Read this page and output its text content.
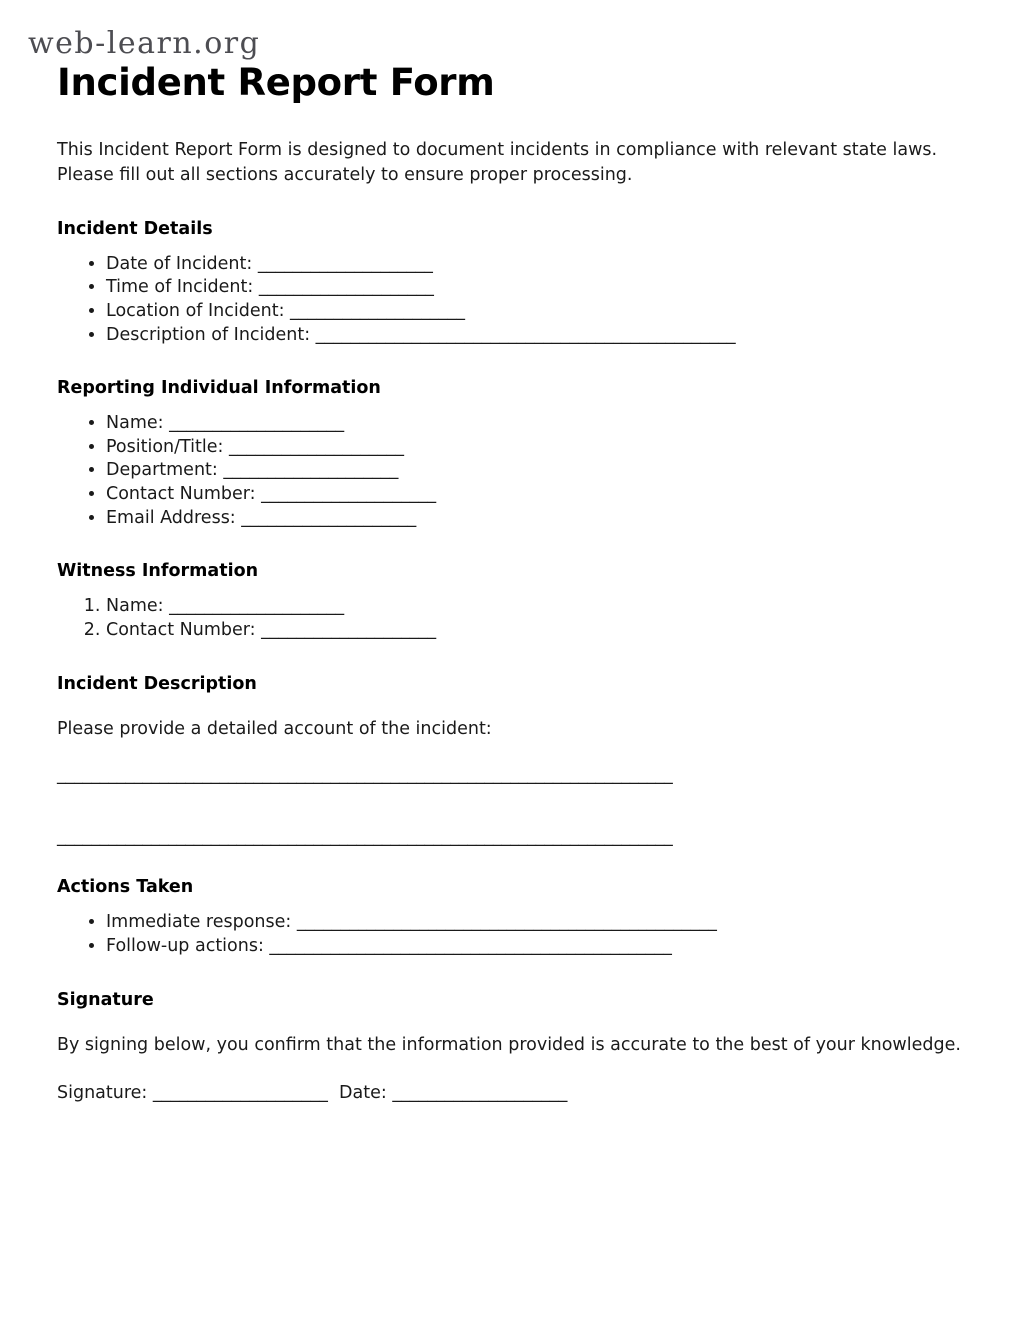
web-learn.org
Incident Report Form

This Incident Report Form is designed to document incidents in compliance with relevant state laws. Please fill out all sections accurately to ensure proper processing.

Incident Details
• Date of Incident: ____________________
• Time of Incident: ____________________
• Location of Incident: ____________________
• Description of Incident: ________________________________________________
Reporting Individual Information
• Name: ____________________
• Position/Title: ____________________
• Department: ____________________
• Contact Number: ____________________
• Email Address: ____________________
Witness Information
1. Name: ____________________
2. Contact Number: ____________________
Incident Description

Please provide a detailed account of the incident:

________________________________________________________________________
________________________________________________________________________
Actions Taken
• Immediate response: ________________________________________________
• Follow-up actions: ______________________________________________
Signature

By signing below, you confirm that the information provided is accurate to the best of your knowledge.

Signature: ____________________ Date: ____________________
